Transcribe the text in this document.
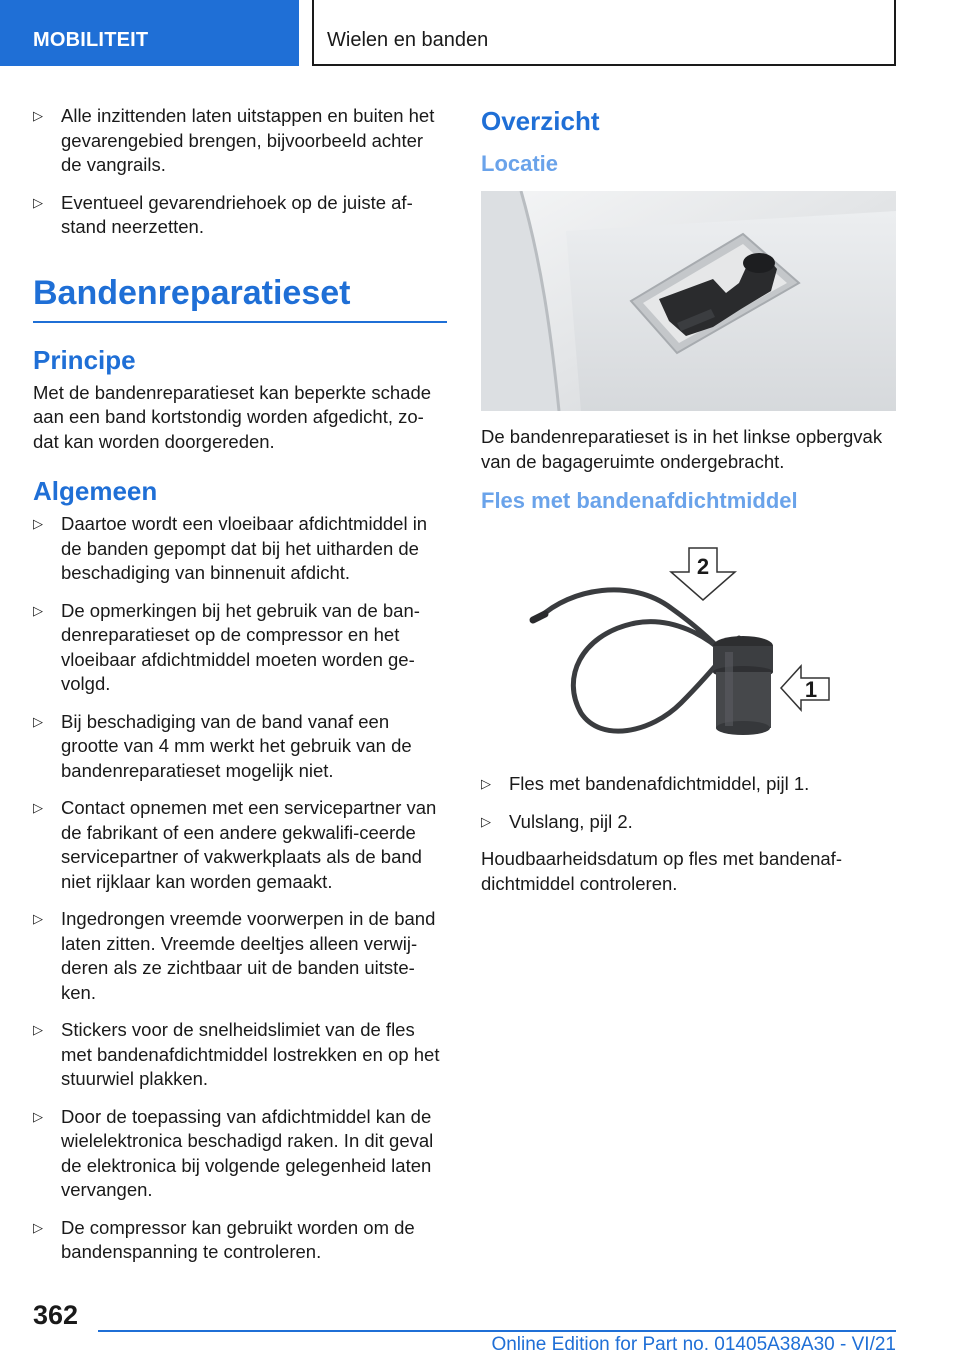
MOBILITEIT	Wielen en banden
▷ Alle inzittenden laten uitstappen en buiten het gevarengebied brengen, bijvoorbeeld achter de vangrails.
▷ Eventueel gevarendriehoek op de juiste af‐stand neerzetten.
Bandenreparatieset
Principe
Met de bandenreparatieset kan beperkte schade aan een band kortstondig worden afgedicht, zo‐dat kan worden doorgereden.
Algemeen
▷ Daartoe wordt een vloeibaar afdichtmiddel in de banden gepompt dat bij het uitharden de beschadiging van binnenuit afdicht.
▷ De opmerkingen bij het gebruik van de ban‐denreparatieset op de compressor en het vloeibaar afdichtmiddel moeten worden ge‐volgd.
▷ Bij beschadiging van de band vanaf een grootte van 4 mm werkt het gebruik van de bandenreparatieset mogelijk niet.
▷ Contact opnemen met een servicepartner van de fabrikant of een andere gekwalifi‐ceerde servicepartner of vakwerkplaats als de band niet rijklaar kan worden gemaakt.
▷ Ingedrongen vreemde voorwerpen in de band laten zitten. Vreemde deeltjes alleen verwij‐deren als ze zichtbaar uit de banden uitste‐ken.
▷ Stickers voor de snelheidslimiet van de fles met bandenafdichtmiddel lostrekken en op het stuurwiel plakken.
▷ Door de toepassing van afdichtmiddel kan de wielelektronica beschadigd raken. In dit geval de elektronica bij volgende gelegenheid laten vervangen.
▷ De compressor kan gebruikt worden om de bandenspanning te controleren.
Overzicht
Locatie
De bandenreparatieset is in het linkse opbergvak van de bagageruimte ondergebracht.
Fles met bandenafdichtmiddel
2
1
▷ Fles met bandenafdichtmiddel, pijl 1.
▷ Vulslang, pijl 2.
Houdbaarheidsdatum op fles met bandenaf‐dichtmiddel controleren.
362
Online Edition for Part no. 01405A38A30 - VI/21
